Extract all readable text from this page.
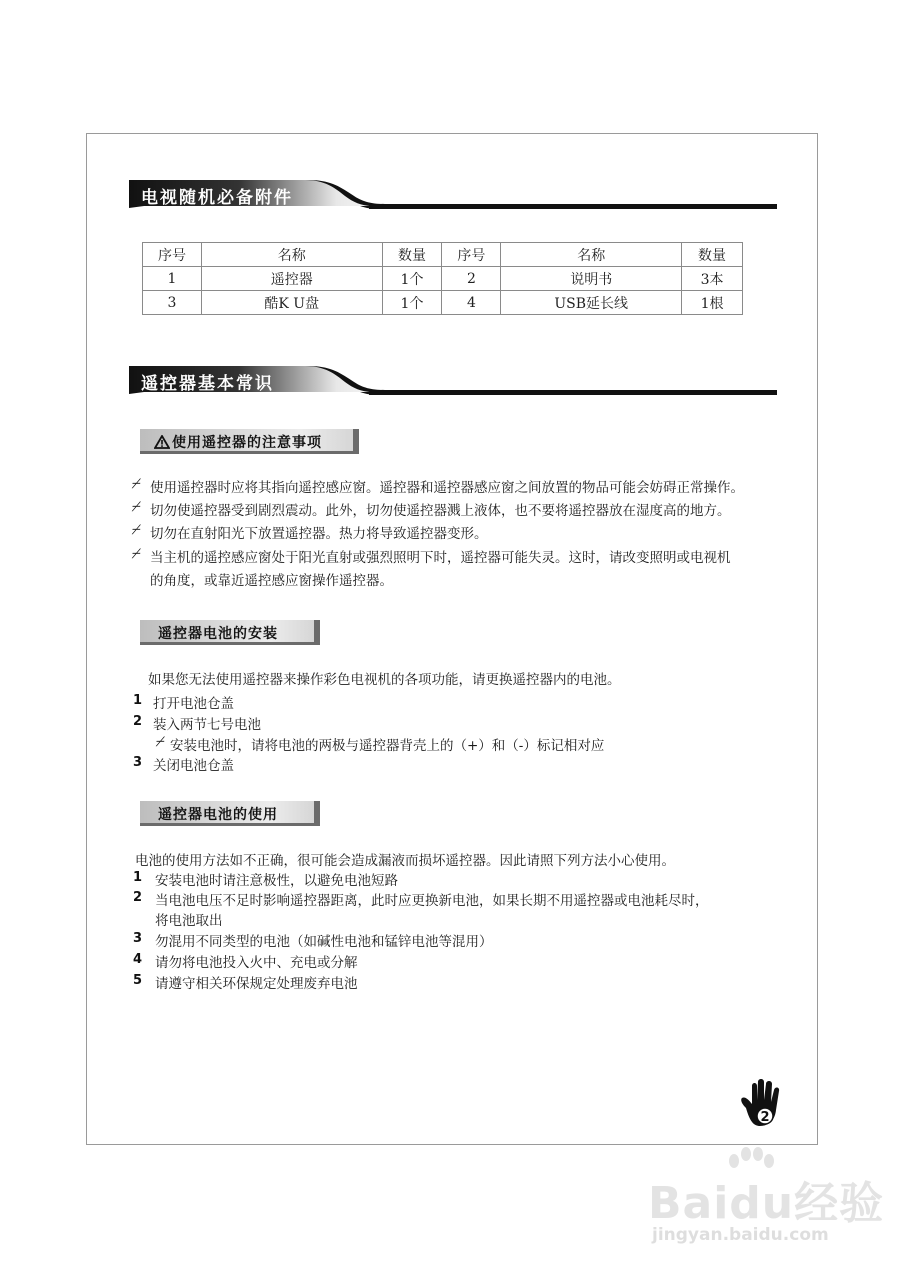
电视随机必备附件
序号	名称	数量	序号	名称	数量
1	遥控器	1个	2	说明书	3本
3	酷K U盘	1个	4	USB延长线	1根
遥控器基本常识
使用遥控器的注意事项
⌿ 使用遥控器时应将其指向遥控感应窗。遥控器和遥控器感应窗之间放置的物品可能会妨碍正常操作。
⌿ 切勿使遥控器受到剧烈震动。此外，切勿使遥控器溅上液体，也不要将遥控器放在湿度高的地方。
⌿ 切勿在直射阳光下放置遥控器。热力将导致遥控器变形。
⌿ 当主机的遥控感应窗处于阳光直射或强烈照明下时，遥控器可能失灵。这时，请改变照明或电视机
的角度，或靠近遥控感应窗操作遥控器。
遥控器电池的安装
如果您无法使用遥控器来操作彩色电视机的各项功能，请更换遥控器内的电池。
1 打开电池仓盖
2 装入两节七号电池
⌿ 安装电池时，请将电池的两极与遥控器背壳上的（+）和（-）标记相对应
3 关闭电池仓盖
遥控器电池的使用
电池的使用方法如不正确，很可能会造成漏液而损坏遥控器。因此请照下列方法小心使用。
1 安装电池时请注意极性，以避免电池短路
2 当电池电压不足时影响遥控器距离，此时应更换新电池，如果长期不用遥控器或电池耗尽时，
将电池取出
3 勿混用不同类型的电池（如碱性电池和锰锌电池等混用）
4 请勿将电池投入火中、充电或分解
5 请遵守相关环保规定处理废弃电池
2
Baidu经验
jingyan.baidu.com
